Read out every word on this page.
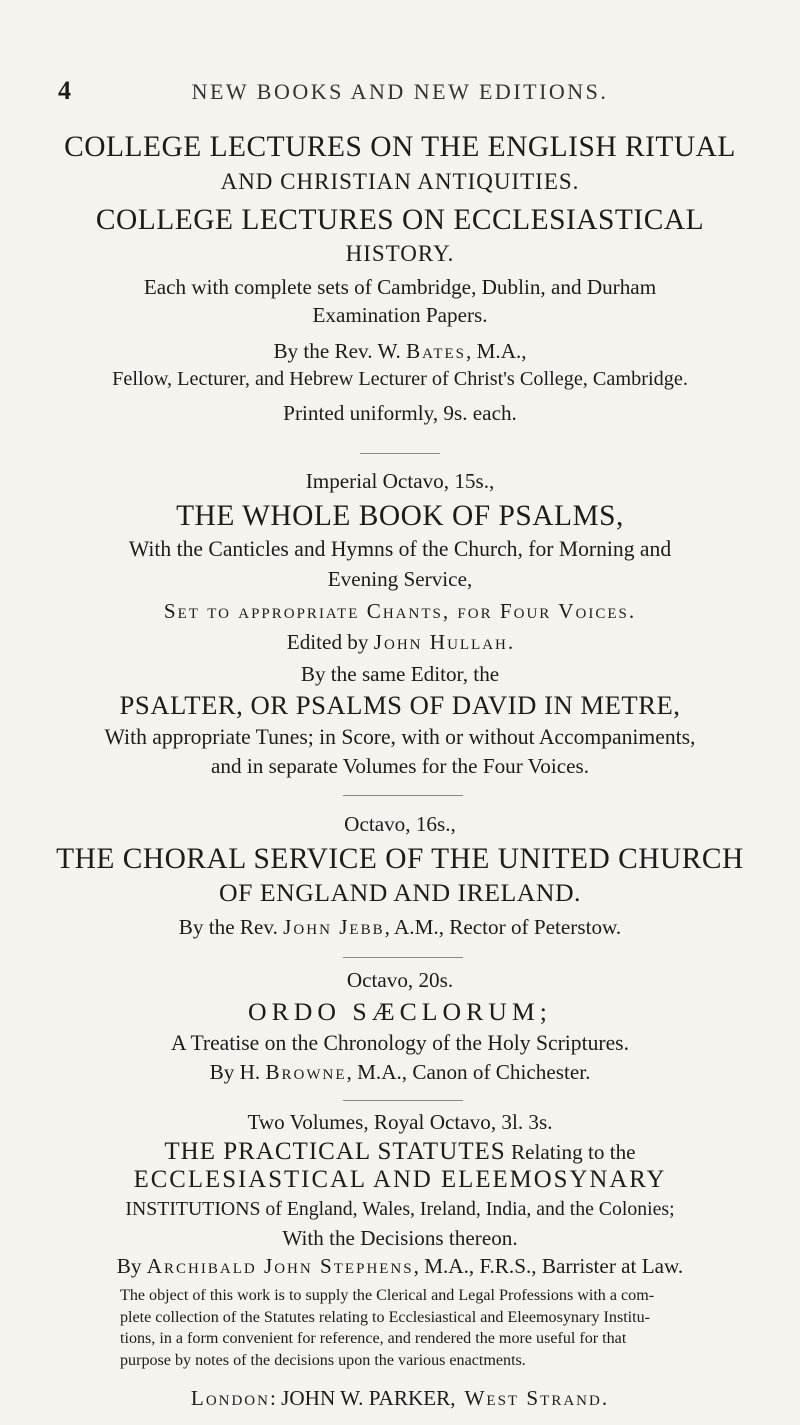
4	NEW BOOKS AND NEW EDITIONS.
COLLEGE LECTURES ON THE ENGLISH RITUAL
AND CHRISTIAN ANTIQUITIES.
COLLEGE LECTURES ON ECCLESIASTICAL
HISTORY.
Each with complete sets of Cambridge, Dublin, and Durham
Examination Papers.
By the Rev. W. Bates, M.A.,
Fellow, Lecturer, and Hebrew Lecturer of Christ's College, Cambridge.
Printed uniformly, 9s. each.
Imperial Octavo, 15s.,
THE WHOLE BOOK OF PSALMS,
With the Canticles and Hymns of the Church, for Morning and
Evening Service,
Set to appropriate Chants, for Four Voices.
Edited by John Hullah.
By the same Editor, the
PSALTER, OR PSALMS OF DAVID IN METRE,
With appropriate Tunes; in Score, with or without Accompaniments,
and in separate Volumes for the Four Voices.
Octavo, 16s.,
THE CHORAL SERVICE OF THE UNITED CHURCH
OF ENGLAND AND IRELAND.
By the Rev. John Jebb, A.M., Rector of Peterstow.
Octavo, 20s.
ORDO SÆCLORUM;
A Treatise on the Chronology of the Holy Scriptures.
By H. Browne, M.A., Canon of Chichester.
Two Volumes, Royal Octavo, 3l. 3s.
THE PRACTICAL STATUTES Relating to the
ECCLESIASTICAL AND ELEEMOSYNARY
INSTITUTIONS of England, Wales, Ireland, India, and the Colonies;
With the Decisions thereon.
By Archibald John Stephens, M.A., F.R.S., Barrister at Law.
The object of this work is to supply the Clerical and Legal Professions with a com-
plete collection of the Statutes relating to Ecclesiastical and Eleemosynary Institu-
tions, in a form convenient for reference, and rendered the more useful for that
purpose by notes of the decisions upon the various enactments.
London: JOHN W. PARKER, West Strand.
